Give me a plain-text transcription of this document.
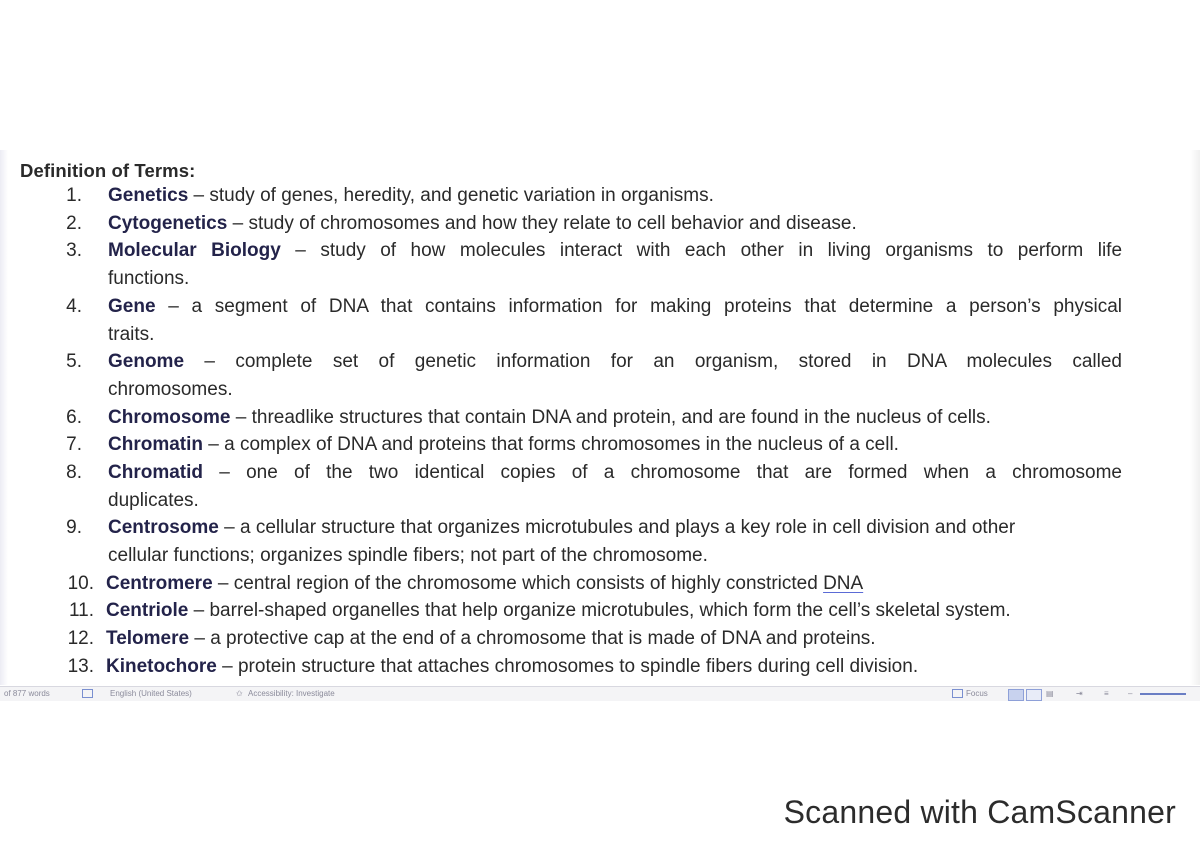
Definition of Terms:
1. Genetics – study of genes, heredity, and genetic variation in organisms.
2. Cytogenetics – study of chromosomes and how they relate to cell behavior and disease.
3. Molecular Biology – study of how molecules interact with each other in living organisms to perform life
functions.
4. Gene – a segment of DNA that contains information for making proteins that determine a person’s physical
traits.
5. Genome – complete set of genetic information for an organism, stored in DNA molecules called
chromosomes.
6. Chromosome – threadlike structures that contain DNA and protein, and are found in the nucleus of cells.
7. Chromatin – a complex of DNA and proteins that forms chromosomes in the nucleus of a cell.
8. Chromatid – one of the two identical copies of a chromosome that are formed when a chromosome
duplicates.
9. Centrosome – a cellular structure that organizes microtubules and plays a key role in cell division and other
cellular functions; organizes spindle fibers; not part of the chromosome.
10. Centromere – central region of the chromosome which consists of highly constricted DNA
11. Centriole – barrel-shaped organelles that help organize microtubules, which form the cell’s skeletal system.
12. Telomere – a protective cap at the end of a chromosome that is made of DNA and proteins.
13. Kinetochore – protein structure that attaches chromosomes to spindle fibers during cell division.
of 877 words	English (United States)	✩ Accessibility: Investigate	Focus	▤	⇥	≡ –
Scanned with CamScanner
